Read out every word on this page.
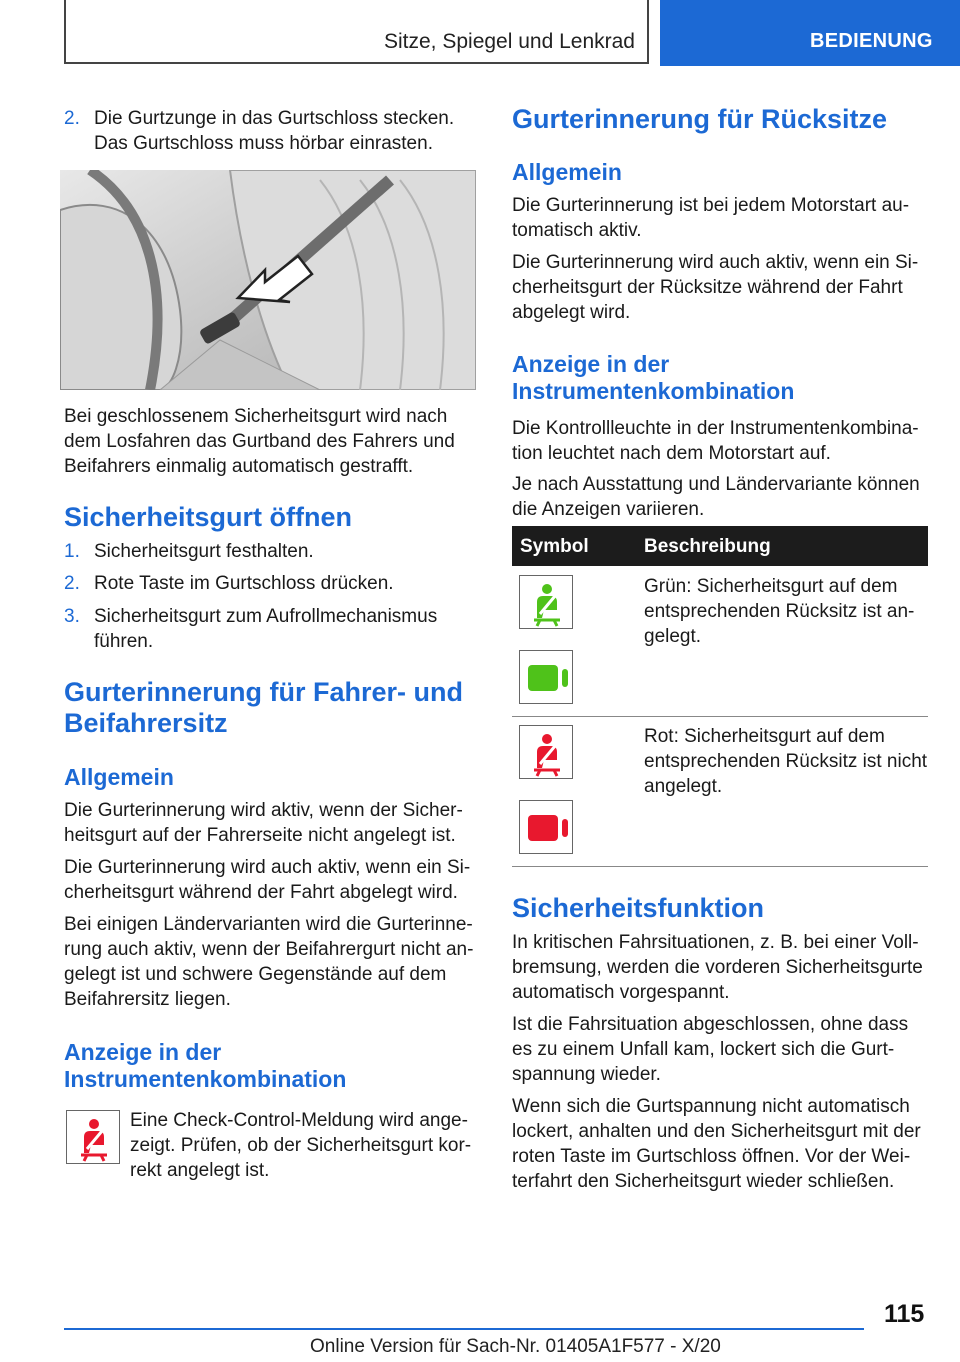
Sitze, Spiegel und Lenkrad	BEDIENUNG
2. Die Gurtzunge in das Gurtschloss stecken. Das Gurtschloss muss hörbar einrasten.

Bei geschlossenem Sicherheitsgurt wird nach dem Losfahren das Gurtband des Fahrers und Beifahrers einmalig automatisch gestrafft.

Sicherheitsgurt öffnen
1. Sicherheitsgurt festhalten.
2. Rote Taste im Gurtschloss drücken.
3. Sicherheitsgurt zum Aufrollmechanismus führen.
Gurterinnerung für Fahrer- und Beifahrersitz
Allgemein

Die Gurterinnerung wird aktiv, wenn der Sicherheitsgurt auf der Fahrerseite nicht angelegt ist.

Die Gurterinnerung wird auch aktiv, wenn ein Sicherheitsgurt während der Fahrt abgelegt wird.

Bei einigen Ländervarianten wird die Gurterinnerung auch aktiv, wenn der Beifahrergurt nicht angelegt ist und schwere Gegenstände auf dem Beifahrersitz liegen.

Anzeige in der Instrumentenkombination

Eine Check-Control-Meldung wird angezeigt. Prüfen, ob der Sicherheitsgurt korrekt angelegt ist.

Gurterinnerung für Rücksitze
Allgemein

Die Gurterinnerung ist bei jedem Motorstart automatisch aktiv.

Die Gurterinnerung wird auch aktiv, wenn ein Sicherheitsgurt der Rücksitze während der Fahrt abgelegt wird.

Anzeige in der Instrumentenkombination

Die Kontrollleuchte in der Instrumentenkombination leuchtet nach dem Motorstart auf.

Je nach Ausstattung und Ländervariante können die Anzeigen variieren.

Symbol	Beschreibung

Grün: Sicherheitsgurt auf dem entsprechenden Rücksitz ist angelegt.

Rot: Sicherheitsgurt auf dem entsprechenden Rücksitz ist nicht angelegt.

Sicherheitsfunktion

In kritischen Fahrsituationen, z. B. bei einer Vollbremsung, werden die vorderen Sicherheitsgurte automatisch vorgespannt.

Ist die Fahrsituation abgeschlossen, ohne dass es zu einem Unfall kam, lockert sich die Gurtspannung wieder.

Wenn sich die Gurtspannung nicht automatisch lockert, anhalten und den Sicherheitsgurt mit der roten Taste im Gurtschloss öffnen. Vor der Weiterfahrt den Sicherheitsgurt wieder schließen.

115
Online Version für Sach-Nr. 01405A1F577 - X/20
